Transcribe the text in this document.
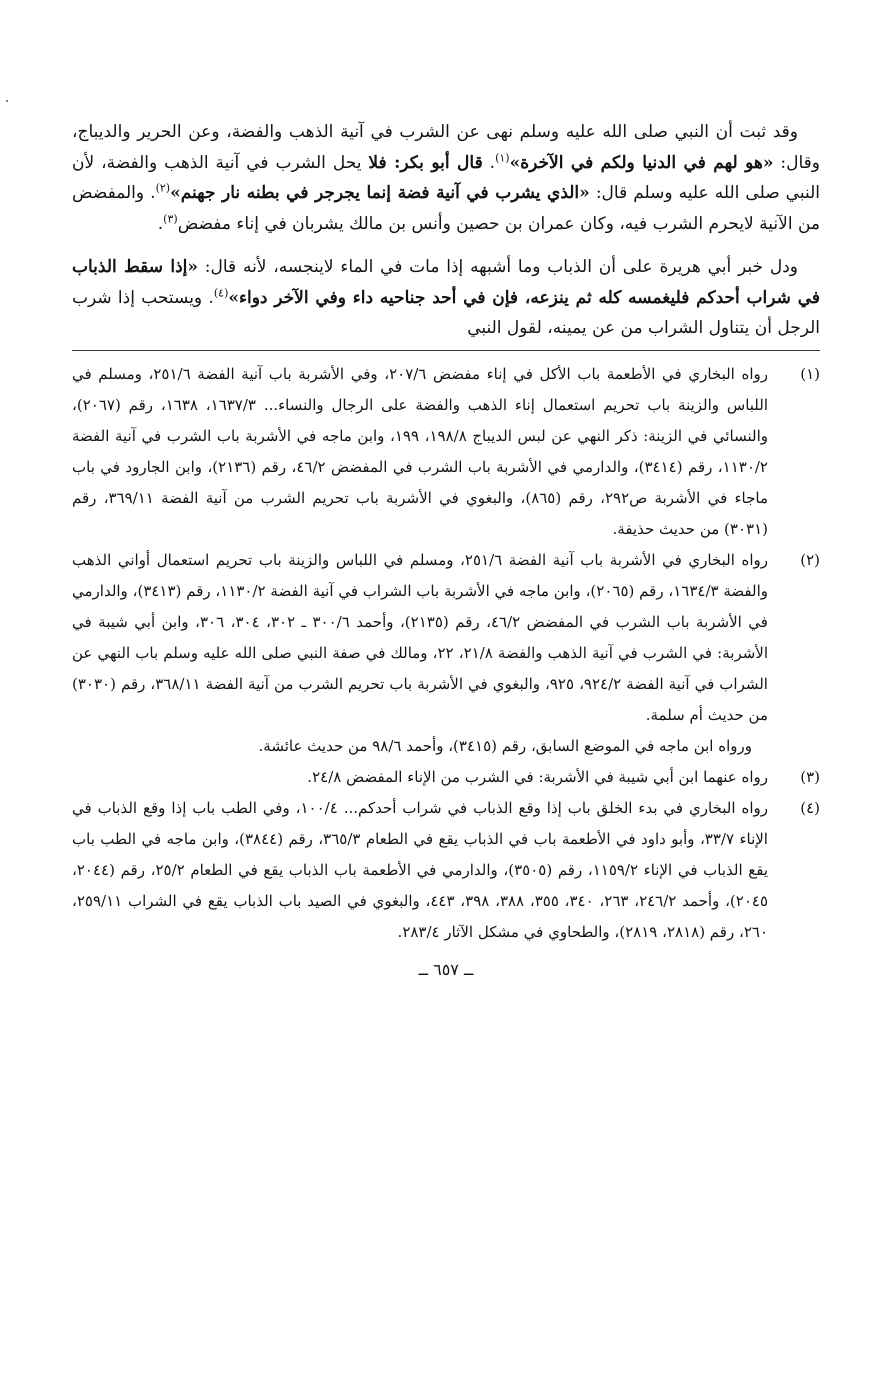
وقد ثبت أن النبي صلى الله عليه وسلم نهى عن الشرب في آنية الذهب والفضة، وعن الحرير والديباج، وقال: «هو لهم في الدنيا ولكم في الآخرة»$^{(١)}$. قال أبو بكر: فلا يحل الشرب في آنية الذهب والفضة، لأن النبي صلى الله عليه وسلم قال: «الذي يشرب في آنية فضة إنما يجرجر في بطنه نار جهنم»$^{(٢)}$. والمفضض من الآنية لايحرم الشرب فيه، وكان عمران بن حصين وأنس بن مالك يشربان في إناء مفضض$^{(٣)}$.

ودل خبر أبي هريرة على أن الذباب وما أشبهه إذا مات في الماء لاينجسه، لأنه قال: «إذا سقط الذباب في شراب أحدكم فليغمسه كله ثم ينزعه، فإن في أحد جناحيه داء وفي الآخر دواء»$^{(٤)}$. ويستحب إذا شرب الرجل أن يتناول الشراب من عن يمينه، لقول النبي

(١)
رواه البخاري في الأطعمة باب الأكل في إناء مفضض ٢٠٧/٦، وفي الأشربة باب آنية الفضة ٢٥١/٦، ومسلم في اللباس والزينة باب تحريم استعمال إناء الذهب والفضة على الرجال والنساء... ١٦٣٧/٣، ١٦٣٨، رقم (٢٠٦٧)، والنسائي في الزينة: ذكر النهي عن لبس الديباج ١٩٨/٨، ١٩٩، وابن ماجه في الأشربة باب الشرب في آنية الفضة ١١٣٠/٢، رقم (٣٤١٤)، والدارمي في الأشربة باب الشرب في المفضض ٤٦/٢، رقم (٢١٣٦)، وابن الجارود في باب ماجاء في الأشربة ص٢٩٢، رقم (٨٦٥)، والبغوي في الأشربة باب تحريم الشرب من آنية الفضة ٣٦٩/١١، رقم (٣٠٣١) من حديث حذيفة.
(٢)
رواه البخاري في الأشربة باب آنية الفضة ٢٥١/٦، ومسلم في اللباس والزينة باب تحريم استعمال أواني الذهب والفضة ١٦٣٤/٣، رقم (٢٠٦٥)، وابن ماجه في الأشربة باب الشراب في آنية الفضة ١١٣٠/٢، رقم (٣٤١٣)، والدارمي في الأشربة باب الشرب في المفضض ٤٦/٢، رقم (٢١٣٥)، وأحمد ٣٠٠/٦ ـ ٣٠٢، ٣٠٤، ٣٠٦، وابن أبي شيبة في الأشربة: في الشرب في آنية الذهب والفضة ٢١/٨، ٢٢، ومالك في صفة النبي صلى الله عليه وسلم باب النهي عن الشراب في آنية الفضة ٩٢٤/٢، ٩٢٥، والبغوي في الأشربة باب تحريم الشرب من آنية الفضة ٣٦٨/١١، رقم (٣٠٣٠) من حديث أم سلمة.

ورواه ابن ماجه في الموضع السابق، رقم (٣٤١٥)، وأحمد ٩٨/٦ من حديث عائشة.

(٣)
رواه عنهما ابن أبي شيبة في الأشربة: في الشرب من الإناء المفضض ٢٤/٨.
(٤)
رواه البخاري في بدء الخلق باب إذا وقع الذباب في شراب أحدكم... ١٠٠/٤، وفي الطب باب إذا وقع الذباب في الإناء ٣٣/٧، وأبو داود في الأطعمة باب في الذباب يقع في الطعام ٣٦٥/٣، رقم (٣٨٤٤)، وابن ماجه في الطب باب يقع الذباب في الإناء ١١٥٩/٢، رقم (٣٥٠٥)، والدارمي في الأطعمة باب الذباب يقع في الطعام ٢٥/٢، رقم (٢٠٤٤، ٢٠٤٥)، وأحمد ٢٤٦/٢، ٢٦٣، ٣٤٠، ٣٥٥، ٣٨٨، ٣٩٨، ٤٤٣، والبغوي في الصيد باب الذباب يقع في الشراب ٢٥٩/١١، ٢٦٠، رقم (٢٨١٨، ٢٨١٩)، والطحاوي في مشكل الآثار ٢٨٣/٤.
ــ ٦٥٧ ــ
